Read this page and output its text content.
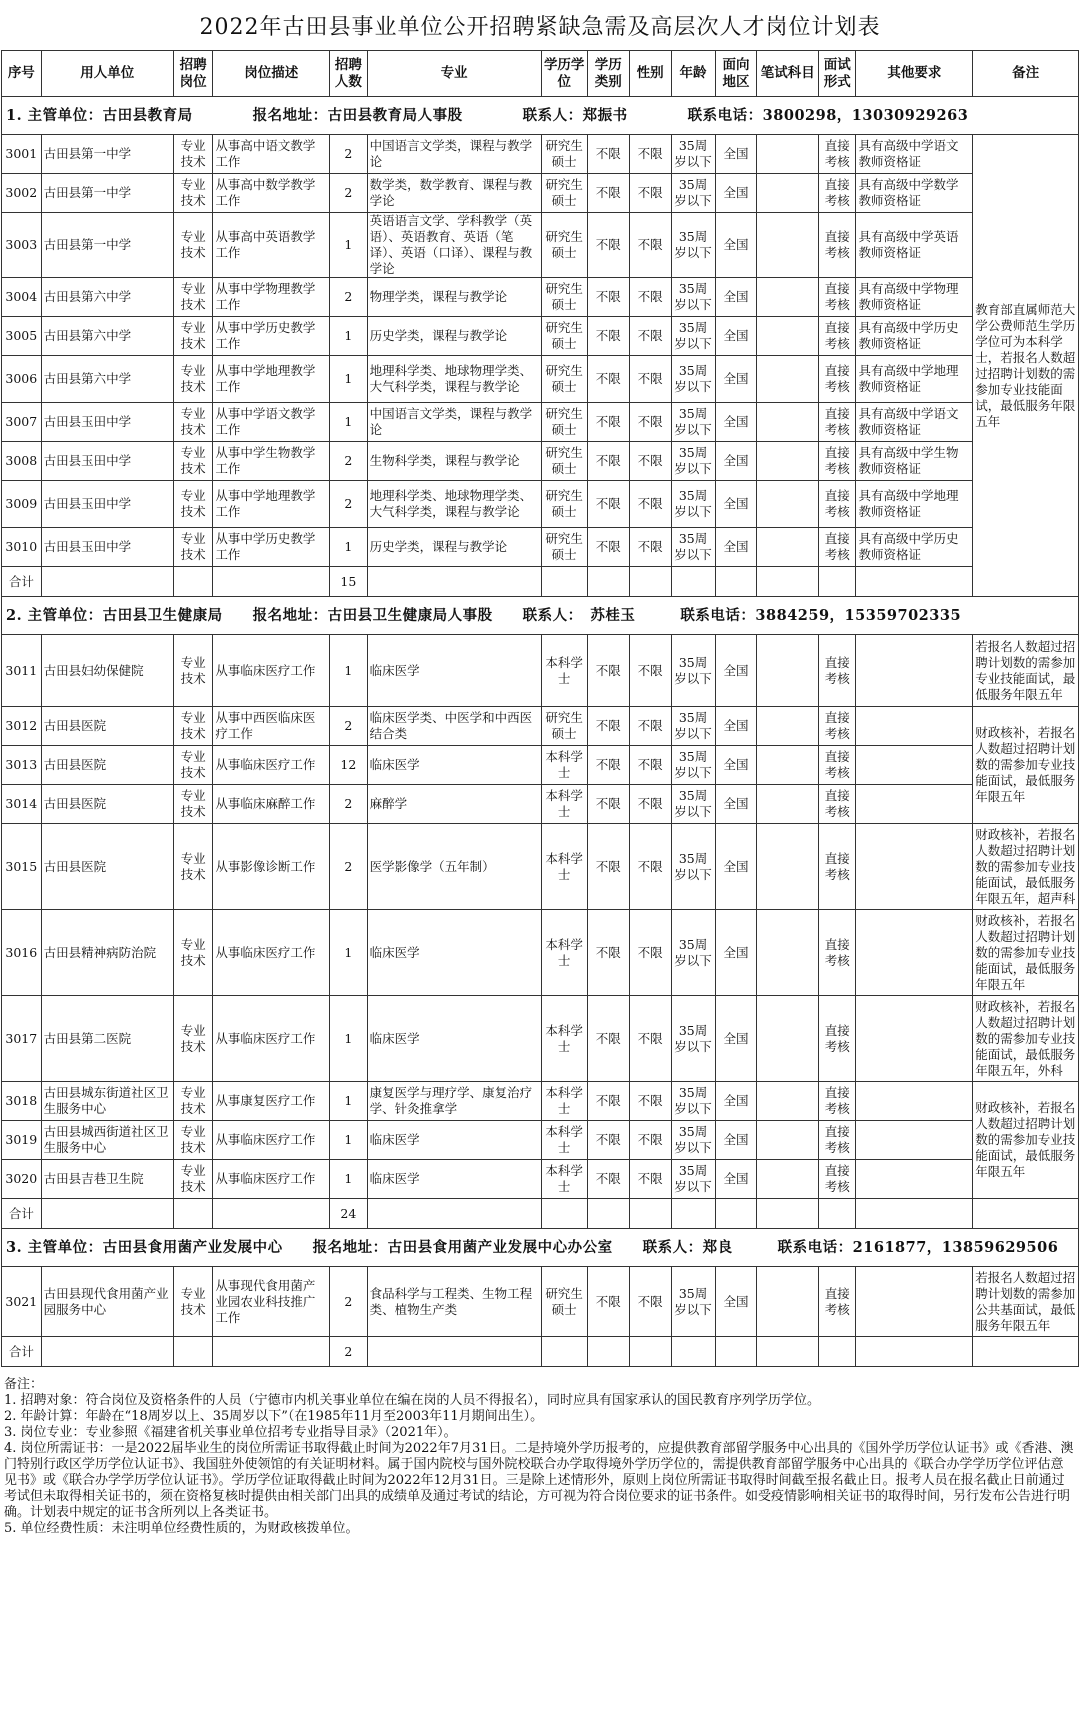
2022年古田县事业单位公开招聘紧缺急需及高层次人才岗位计划表
序号	用人单位	招聘岗位	岗位描述	招聘人数	专业	学历学位	学历类别	性别	年龄	面向地区	笔试科目	面试形式	其他要求	备注
1. 主管单位：古田县教育局　　　　报名地址：古田县教育局人事股　　　　联系人：郑振书　　　　联系电话：3800298，13030929263														
3001	古田县第一中学	专业技术	从事高中语文教学工作	2	中国语言文学类，课程与教学论	研究生硕士	不限	不限	35周岁以下	全国		直接考核	具有高级中学语文教师资格证	教育部直属师范大学公费师范生学历学位可为本科学士，若报名人数超过招聘计划数的需参加专业技能面试，最低服务年限五年
3002	古田县第一中学	专业技术	从事高中数学教学工作	2	数学类，数学教育、课程与教学论	研究生硕士	不限	不限	35周岁以下	全国		直接考核	具有高级中学数学教师资格证	
3003	古田县第一中学	专业技术	从事高中英语教学工作	1	英语语言文学、学科教学（英语）、英语教育、英语（笔译）、英语（口译）、课程与教学论	研究生硕士	不限	不限	35周岁以下	全国		直接考核	具有高级中学英语教师资格证	
3004	古田县第六中学	专业技术	从事中学物理教学工作	2	物理学类，课程与教学论	研究生硕士	不限	不限	35周岁以下	全国		直接考核	具有高级中学物理教师资格证	
3005	古田县第六中学	专业技术	从事中学历史教学工作	1	历史学类，课程与教学论	研究生硕士	不限	不限	35周岁以下	全国		直接考核	具有高级中学历史教师资格证	
3006	古田县第六中学	专业技术	从事中学地理教学工作	1	地理科学类、地球物理学类、大气科学类，课程与教学论	研究生硕士	不限	不限	35周岁以下	全国		直接考核	具有高级中学地理教师资格证	
3007	古田县玉田中学	专业技术	从事中学语文教学工作	1	中国语言文学类，课程与教学论	研究生硕士	不限	不限	35周岁以下	全国		直接考核	具有高级中学语文教师资格证	
3008	古田县玉田中学	专业技术	从事中学生物教学工作	2	生物科学类，课程与教学论	研究生硕士	不限	不限	35周岁以下	全国		直接考核	具有高级中学生物教师资格证	
3009	古田县玉田中学	专业技术	从事中学地理教学工作	2	地理科学类、地球物理学类、大气科学类，课程与教学论	研究生硕士	不限	不限	35周岁以下	全国		直接考核	具有高级中学地理教师资格证	
3010	古田县玉田中学	专业技术	从事中学历史教学工作	1	历史学类，课程与教学论	研究生硕士	不限	不限	35周岁以下	全国		直接考核	具有高级中学历史教师资格证	
合计				15										
2. 主管单位：古田县卫生健康局　　报名地址：古田县卫生健康局人事股　　联系人：　苏桂玉　　　联系电话：3884259，15359702335														
3011	古田县妇幼保健院	专业技术	从事临床医疗工作	1	临床医学	本科学士	不限	不限	35周岁以下	全国		直接考核		若报名人数超过招聘计划数的需参加专业技能面试，最低服务年限五年
3012	古田县医院	专业技术	从事中西医临床医疗工作	2	临床医学类、中医学和中西医结合类	研究生硕士	不限	不限	35周岁以下	全国		直接考核		财政核补，若报名人数超过招聘计划数的需参加专业技能面试，最低服务年限五年
3013	古田县医院	专业技术	从事临床医疗工作	12	临床医学	本科学士	不限	不限	35周岁以下	全国		直接考核		
3014	古田县医院	专业技术	从事临床麻醉工作	2	麻醉学	本科学士	不限	不限	35周岁以下	全国		直接考核		
3015	古田县医院	专业技术	从事影像诊断工作	2	医学影像学（五年制）	本科学士	不限	不限	35周岁以下	全国		直接考核		财政核补，若报名人数超过招聘计划数的需参加专业技能面试，最低服务年限五年，超声科
3016	古田县精神病防治院	专业技术	从事临床医疗工作	1	临床医学	本科学士	不限	不限	35周岁以下	全国		直接考核		财政核补，若报名人数超过招聘计划数的需参加专业技能面试，最低服务年限五年
3017	古田县第二医院	专业技术	从事临床医疗工作	1	临床医学	本科学士	不限	不限	35周岁以下	全国		直接考核		财政核补，若报名人数超过招聘计划数的需参加专业技能面试，最低服务年限五年，外科
3018	古田县城东街道社区卫生服务中心	专业技术	从事康复医疗工作	1	康复医学与理疗学、康复治疗学、针灸推拿学	本科学士	不限	不限	35周岁以下	全国		直接考核		财政核补，若报名人数超过招聘计划数的需参加专业技能面试，最低服务年限五年
3019	古田县城西街道社区卫生服务中心	专业技术	从事临床医疗工作	1	临床医学	本科学士	不限	不限	35周岁以下	全国		直接考核		
3020	古田县吉巷卫生院	专业技术	从事临床医疗工作	1	临床医学	本科学士	不限	不限	35周岁以下	全国		直接考核		
合计				24										
3. 主管单位：古田县食用菌产业发展中心　　报名地址：古田县食用菌产业发展中心办公室　　联系人：郑良　　　联系电话：2161877，13859629506														
3021	古田县现代食用菌产业园服务中心	专业技术	从事现代食用菌产业园农业科技推广工作	2	食品科学与工程类、生物工程类、植物生产类	研究生硕士	不限	不限	35周岁以下	全国		直接考核		若报名人数超过招聘计划数的需参加公共基面试，最低服务年限五年
合计				2										
备注：
1. 招聘对象：符合岗位及资格条件的人员（宁德市内机关事业单位在编在岗的人员不得报名），同时应具有国家承认的国民教育序列学历学位。
2. 年龄计算：年龄在“18周岁以上、35周岁以下”（在1985年11月至2003年11月期间出生）。
3. 岗位专业：专业参照《福建省机关事业单位招考专业指导目录》（2021年）。
4. 岗位所需证书：一是2022届毕业生的岗位所需证书取得截止时间为2022年7月31日。二是持境外学历报考的，应提供教育部留学服务中心出具的《国外学历学位认证书》或《香港、澳门特别行政区学历学位认证书》、我国驻外使领馆的有关证明材料。属于国内院校与国外院校联合办学取得境外学历学位的，需提供教育部留学服务中心出具的《联合办学学历学位评估意见书》或《联合办学学历学位认证书》。学历学位证取得截止时间为2022年12月31日。三是除上述情形外，原则上岗位所需证书取得时间截至报名截止日。报考人员在报名截止日前通过考试但未取得相关证书的，须在资格复核时提供由相关部门出具的成绩单及通过考试的结论，方可视为符合岗位要求的证书条件。如受疫情影响相关证书的取得时间，另行发布公告进行明确。计划表中规定的证书含所列以上各类证书。
5. 单位经费性质：未注明单位经费性质的，为财政核拨单位。
